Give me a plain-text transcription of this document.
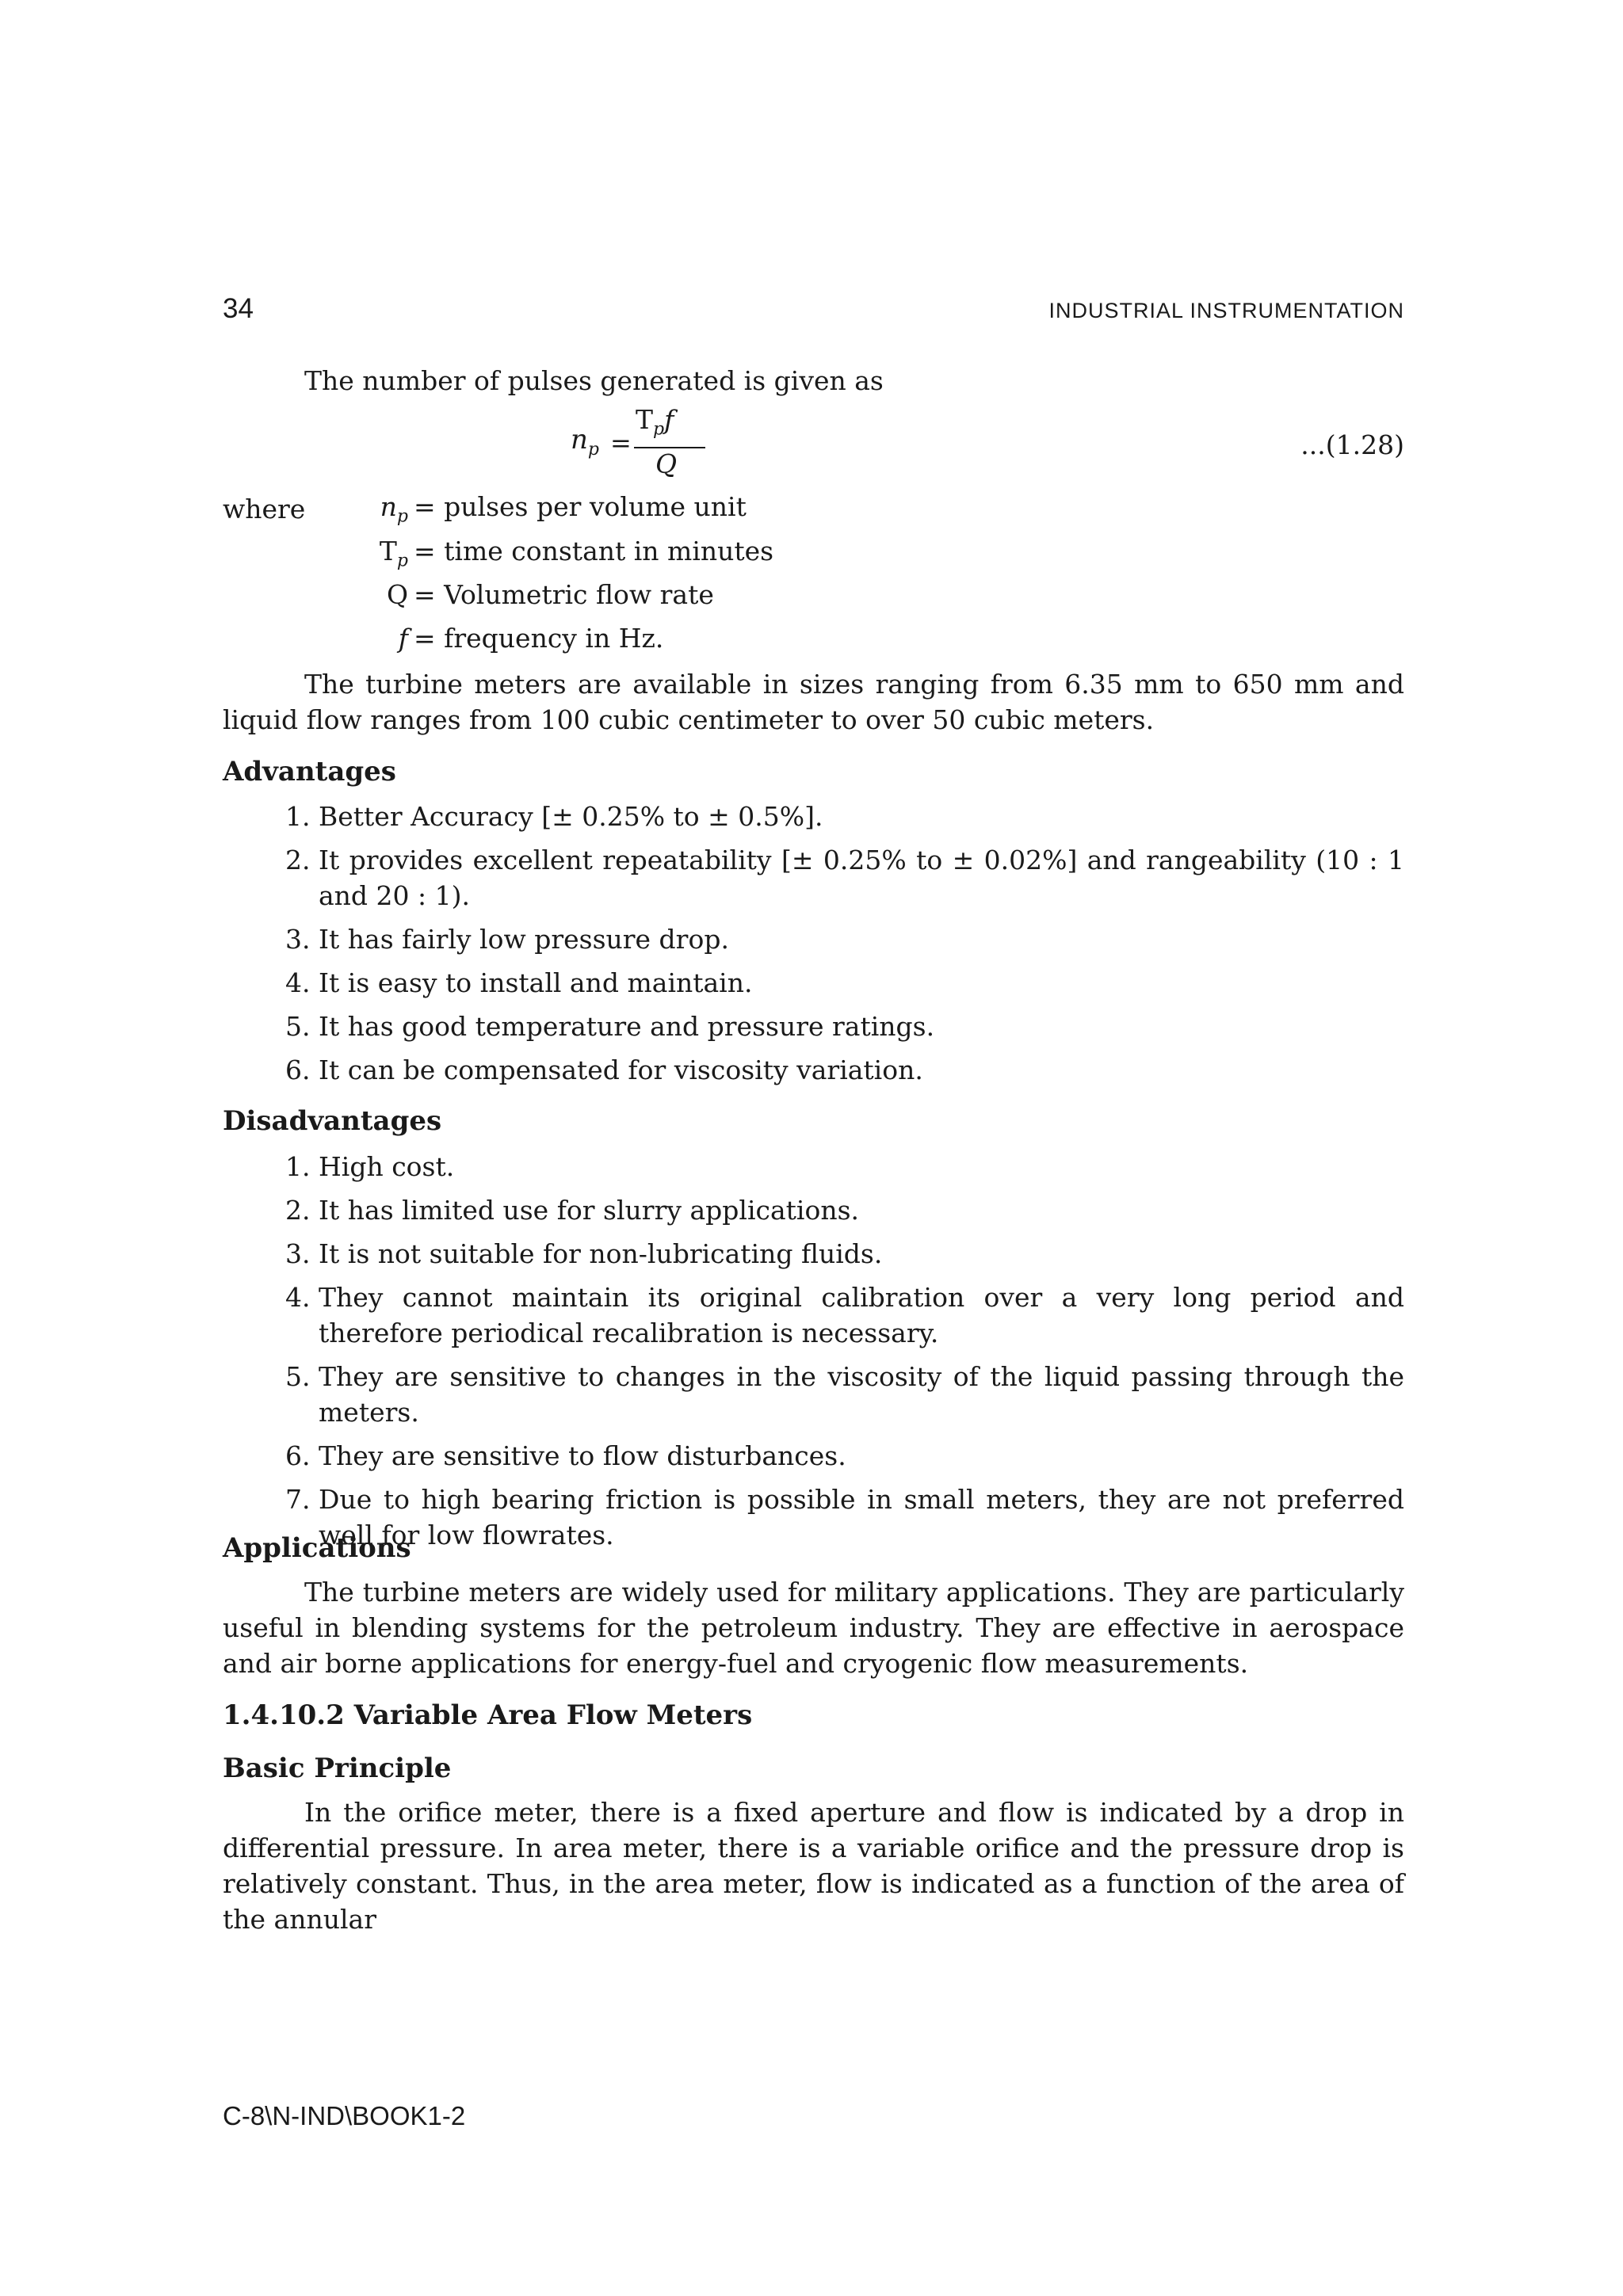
34	INDUSTRIAL INSTRUMENTATION
The number of pulses generated is given as
$n_p$ =
$T_pf$
Q
...(1.28)
where	$n_p$ = pulses per volume unit
$T_p$ = time constant in minutes
Q = Volumetric flow rate
f = frequency in Hz.
The turbine meters are available in sizes ranging from 6.35 mm to 650 mm and liquid flow ranges from 100 cubic centimeter to over 50 cubic meters.
Advantages
1. Better Accuracy [± 0.25% to ± 0.5%].
2. It provides excellent repeatability [± 0.25% to ± 0.02%] and rangeability (10 : 1 and 20 : 1).
3. It has fairly low pressure drop.
4. It is easy to install and maintain.
5. It has good temperature and pressure ratings.
6. It can be compensated for viscosity variation.
Disadvantages
1. High cost.
2. It has limited use for slurry applications.
3. It is not suitable for non-lubricating fluids.
4. They cannot maintain its original calibration over a very long period and therefore periodical recalibration is necessary.
5. They are sensitive to changes in the viscosity of the liquid passing through the meters.
6. They are sensitive to flow disturbances.
7. Due to high bearing friction is possible in small meters, they are not preferred well for low flowrates.
Applications
The turbine meters are widely used for military applications. They are particularly useful in blending systems for the petroleum industry. They are effective in aerospace and air borne applications for energy-fuel and cryogenic flow measurements.
1.4.10.2 Variable Area Flow Meters
Basic Principle
In the orifice meter, there is a fixed aperture and flow is indicated by a drop in differential pressure. In area meter, there is a variable orifice and the pressure drop is relatively constant. Thus, in the area meter, flow is indicated as a function of the area of the annular
C-8\N-IND\BOOK1-2
